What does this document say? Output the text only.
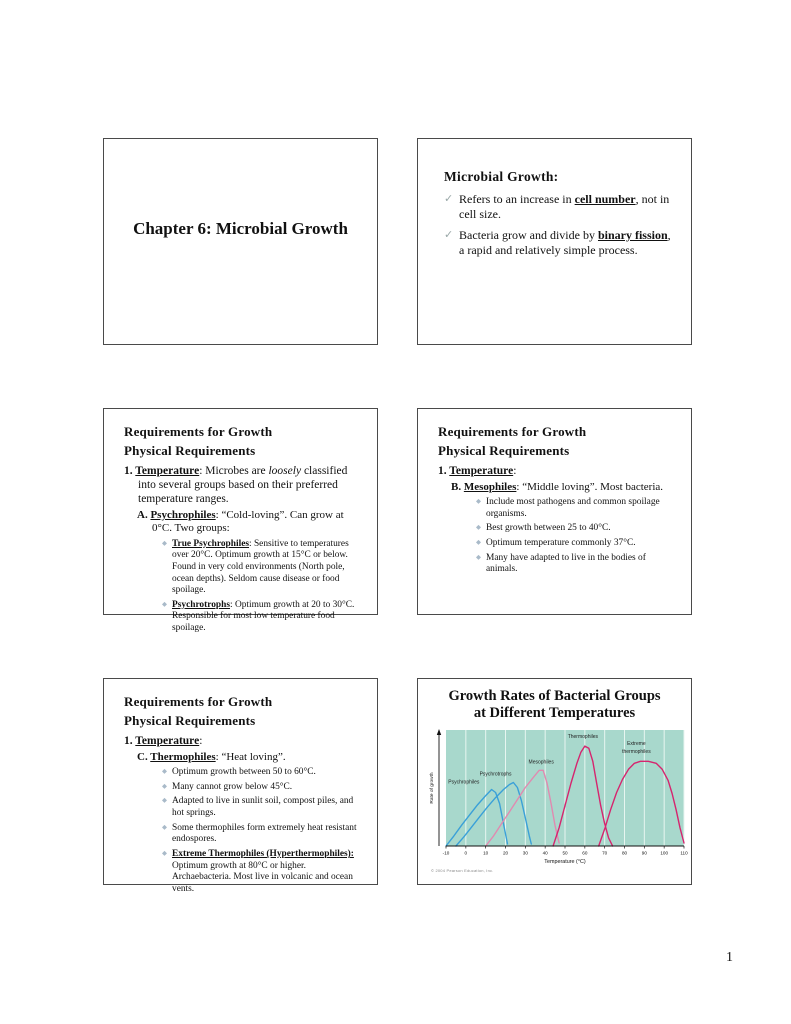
Chapter 6: Microbial Growth
Microbial Growth:
✓ Refers to an increase in cell number, not in cell size.
✓ Bacteria grow and divide by binary fission, a rapid and relatively simple process.
Requirements for Growth
Physical Requirements
1. Temperature: Microbes are loosely classified into several groups based on their preferred temperature ranges.
A. Psychrophiles: “Cold-loving”. Can grow at 0°C. Two groups:
◆ True Psychrophiles: Sensitive to temperatures over 20°C. Optimum growth at 15°C or below. Found in very cold environments (North pole, ocean depths). Seldom cause disease or food spoilage.
◆ Psychrotrophs: Optimum growth at 20 to 30°C. Responsible for most low temperature food spoilage.
Requirements for Growth
Physical Requirements
1. Temperature:
B. Mesophiles: “Middle loving”. Most bacteria.
◆ Include most pathogens and common spoilage organisms.
◆ Best growth between 25 to 40°C.
◆ Optimum temperature commonly 37°C.
◆ Many have adapted to live in the bodies of animals.
Requirements for Growth
Physical Requirements
1. Temperature:
C. Thermophiles: “Heat loving”.
◆ Optimum growth between 50 to 60°C.
◆ Many cannot grow below 45°C.
◆ Adapted to live in sunlit soil, compost piles, and hot springs.
◆ Some thermophiles form extremely heat resistant endospores.
◆ Extreme Thermophiles (Hyperthermophiles): Optimum growth at 80°C or higher. Archaebacteria. Most live in volcanic and ocean vents.
Growth Rates of Bacterial Groups
at Different Temperatures
Psychrophiles
Psychrotrophs
Mesophiles
Thermophiles
Extreme
thermophiles
-10	0	10	20	30	40	50	60	70	80	90	100	110
Temperature (°C)
Rate of growth
© 2004 Pearson Education, Inc.
1
